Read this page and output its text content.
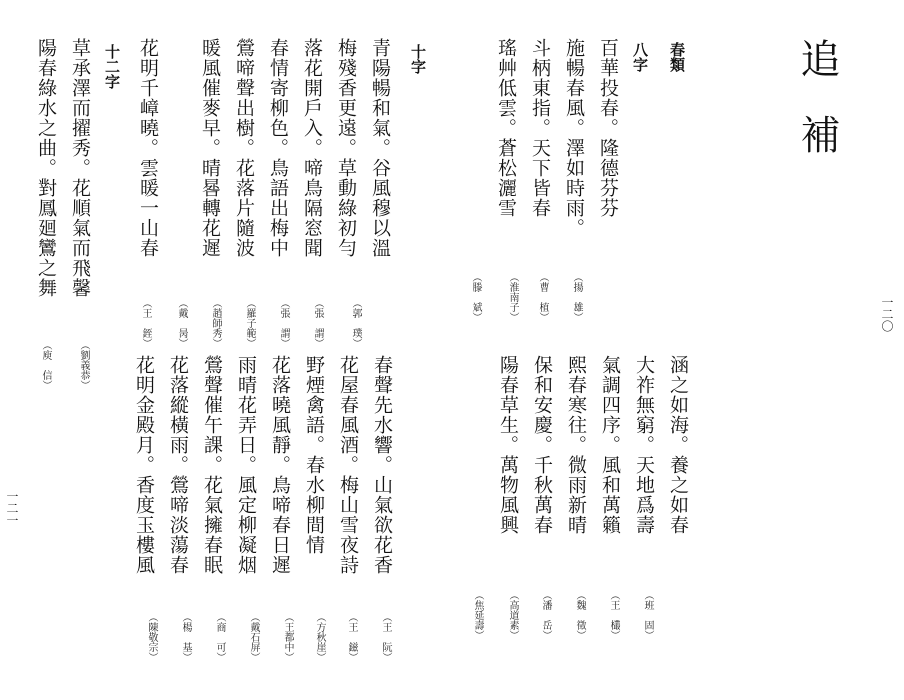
追補
一二〇
春類
八字
百華投春。隆德芬芬
（揚　雄）
施暢春風。澤如時雨。
（曹　植）
斗柄東指。天下皆春
（淮南子）
瑤艸低雲。蒼松灑雪
（滕　斌）
涵之如海。養之如春
（班　固）
大祚無窮。天地爲壽
（王　欉）
氣調四序。風和萬籟
（魏　徵）
熙春寒往。微雨新晴
（潘　岳）
保和安慶。千秋萬春
（高道素）
陽春草生。萬物風興
（焦延壽）
一二一
十字
青陽暢和氣。谷風穆以溫
（郭　璞）
梅殘香更遠。草動綠初勻
（張　謂）
落花開戶入。啼鳥隔窓聞
（張　謂）
春情寄柳色。鳥語出梅中
（羅子範）
鶯啼聲出樹。花落片隨波
（趙師秀）
暖風催麥早。晴晷轉花遲
（戴　昺）
花明千嶂曉。雲暖一山春
（王　銍）
春聲先水響。山氣欲花香
（王　阮）
花屋春風酒。梅山雪夜詩
（王　鎡）
野煙禽語。春水柳間情
（方秋崖）
花落曉風靜。鳥啼春日遲
（王都中）
雨晴花弄日。風定柳凝烟
（戴石屏）
鶯聲催午課。花氣擁春眠
（商　可）
花落縱橫雨。鶯啼淡蕩春
（楊　基）
花明金殿月。香度玉樓風
（陳敬宗）
十二字
草承澤而擢秀。花順氣而飛馨
（劉義恭）
陽春綠水之曲。對鳳廻鸞之舞
（庾　信）
